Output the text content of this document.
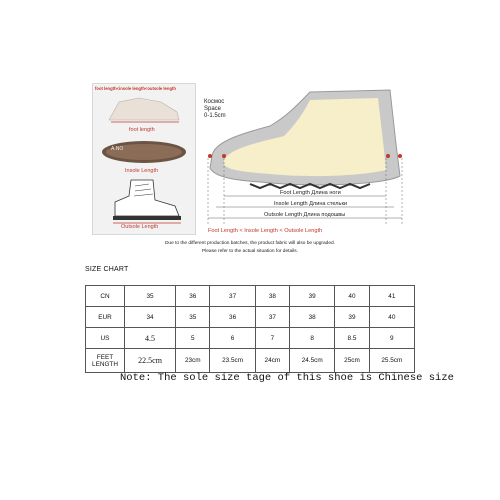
foot length<insole length<outsole length
foot length
A.NO
Insole Length
Outsole Length
Космос
Space
0-1.5cm
Foot Length Длина ноги
Insole Length Длина стельки
Outsole Length Длина подошвы
Foot Length < Insole Length < Outsole Length
Due to the different production batches, the product fabric will also be upgraded.
Please refer to the actual situation for details.
SIZE CHART
CN	35	36	37	38	39	40	41
EUR	34	35	36	37	38	39	40
US	4.5	5	6	7	8	8.5	9
FEET
LENGTH	22.5cm	23cm	23.5cm	24cm	24.5cm	25cm	25.5cm
Note: The sole size tage of this shoe is Chinese size
